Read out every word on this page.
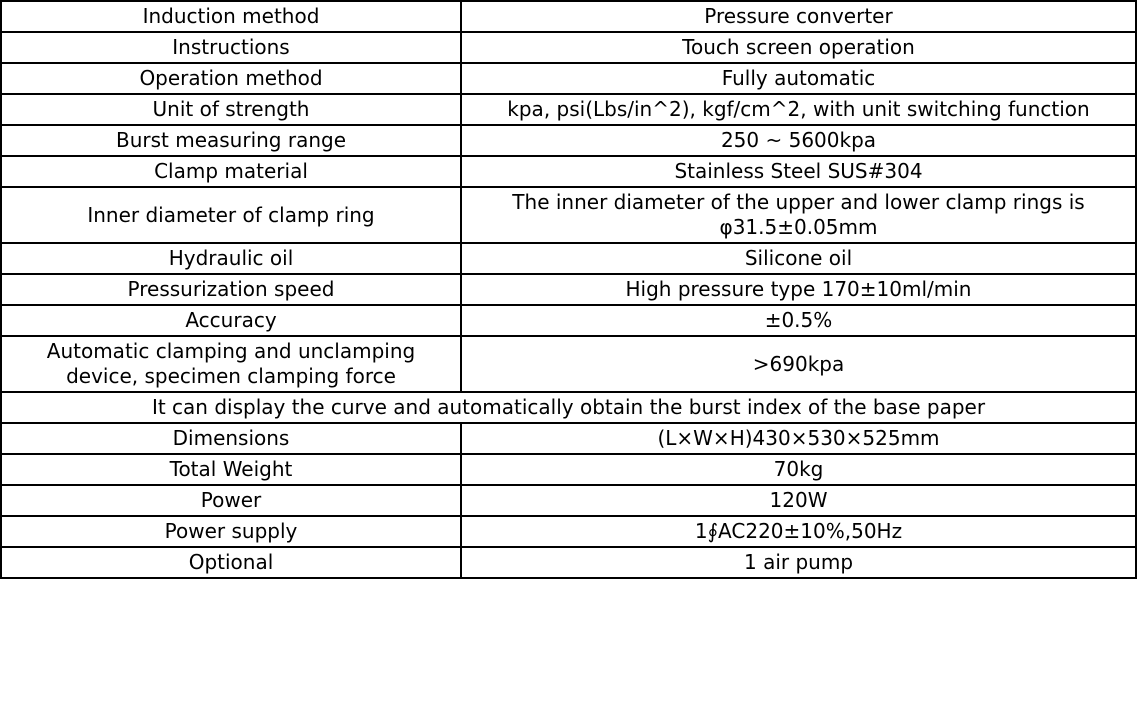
Induction method	Pressure converter
Instructions	Touch screen operation
Operation method	Fully automatic
Unit of strength	kpa, psi(Lbs/in^2), kgf/cm^2, with unit switching function
Burst measuring range	250 ~ 5600kpa
Clamp material	Stainless Steel SUS#304
Inner diameter of clamp ring	The inner diameter of the upper and lower clamp rings is φ31.5±0.05mm
Hydraulic oil	Silicone oil
Pressurization speed	High pressure type 170±10ml/min
Accuracy	±0.5%
Automatic clamping and unclamping device, specimen clamping force	>690kpa
It can display the curve and automatically obtain the burst index of the base paper	
Dimensions	(L×W×H)430×530×525mm
Total Weight	70kg
Power	120W
Power supply	1∮AC220±10%,50Hz
Optional	1 air pump
